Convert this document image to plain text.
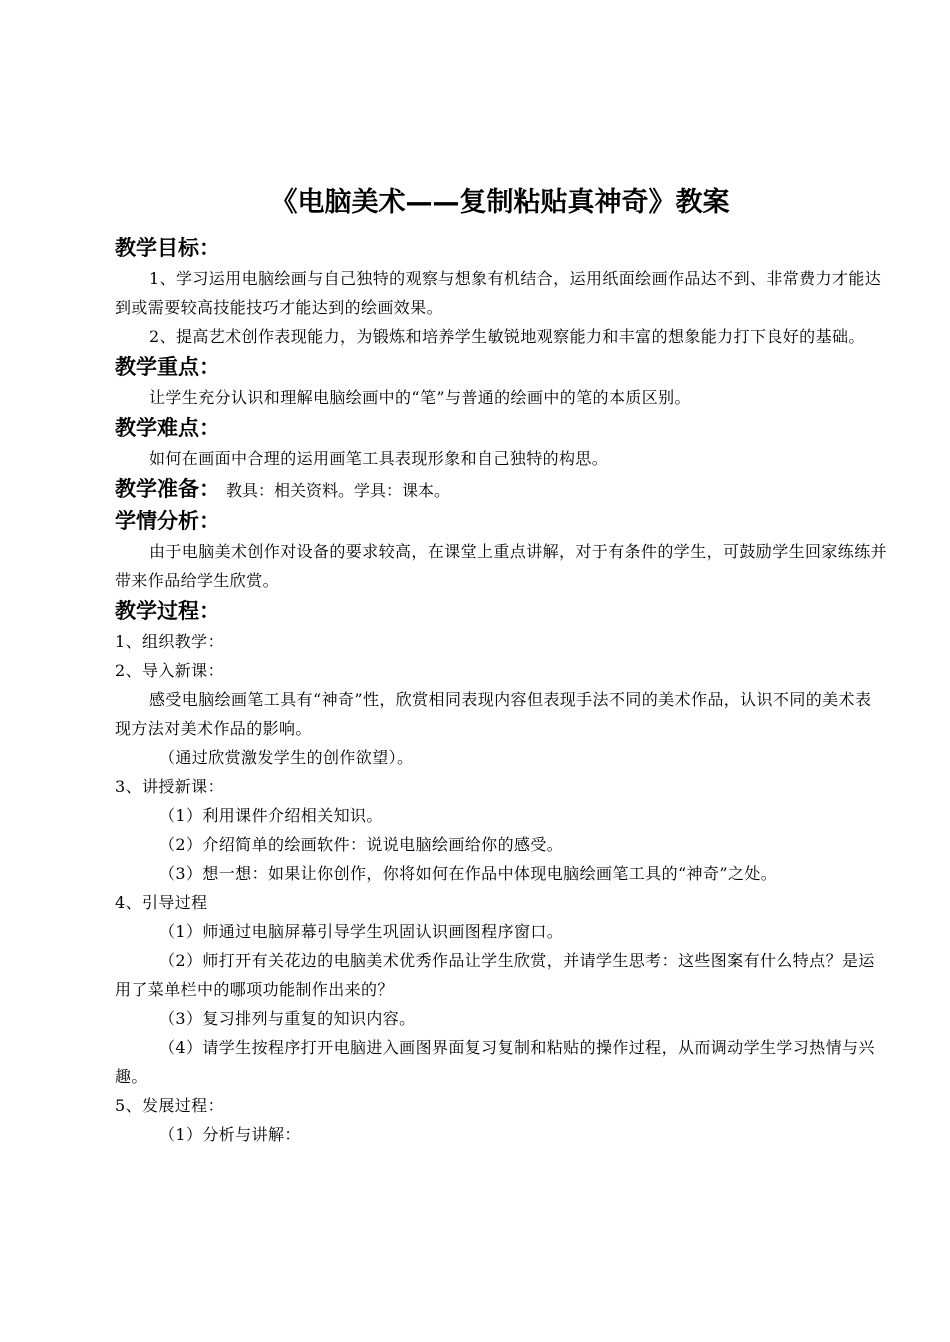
《电脑美术——复制粘贴真神奇》教案
教学目标：

1、学习运用电脑绘画与自己独特的观察与想象有机结合，运用纸面绘画作品达不到、非常费力才能达到或需要较高技能技巧才能达到的绘画效果。

2、提高艺术创作表现能力，为锻炼和培养学生敏锐地观察能力和丰富的想象能力打下良好的基础。

教学重点：

让学生充分认识和理解电脑绘画中的“笔”与普通的绘画中的笔的本质区别。

教学难点：

如何在画面中合理的运用画笔工具表现形象和自己独特的构思。

教学准备： 教具：相关资料。学具：课本。
学情分析：

由于电脑美术创作对设备的要求较高，在课堂上重点讲解，对于有条件的学生，可鼓励学生回家练练并带来作品给学生欣赏。

教学过程：

1、组织教学：

2、导入新课：

感受电脑绘画笔工具有“神奇”性，欣赏相同表现内容但表现手法不同的美术作品，认识不同的美术表现方法对美术作品的影响。

（通过欣赏激发学生的创作欲望）。

3、讲授新课：

（1）利用课件介绍相关知识。

（2）介绍简单的绘画软件：说说电脑绘画给你的感受。

（3）想一想：如果让你创作，你将如何在作品中体现电脑绘画笔工具的“神奇”之处。

4、引导过程

（1）师通过电脑屏幕引导学生巩固认识画图程序窗口。

（2）师打开有关花边的电脑美术优秀作品让学生欣赏，并请学生思考：这些图案有什么特点？是运用了菜单栏中的哪项功能制作出来的？

（3）复习排列与重复的知识内容。

（4）请学生按程序打开电脑进入画图界面复习复制和粘贴的操作过程，从而调动学生学习热情与兴趣。

5、发展过程：

（1）分析与讲解：
